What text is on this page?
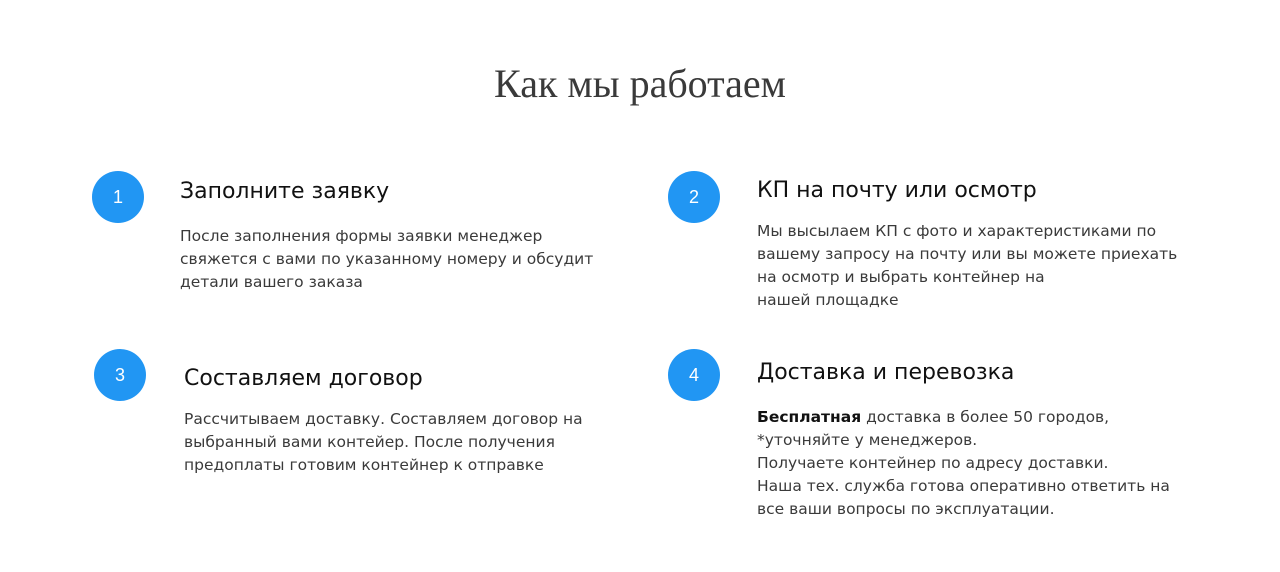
Как мы работаем
1	Заполните заявку

После заполнения формы заявки менеджер
свяжется с вами по указанному номеру и обсудит
детали вашего заказа

2	КП на почту или осмотр

Мы высылаем КП с фото и характеристиками по
вашему запросу на почту или вы можете приехать
на осмотр и выбрать контейнер на
нашей площадке

3	Составляем договор

Рассчитываем доставку. Составляем договор на
выбранный вами контейер. После получения
предоплаты готовим контейнер к отправке

4	Доставка и перевозка

Бесплатная доставка в более 50 городов,
*уточняйте у менеджеров.
Получаете контейнер по адресу доставки.
Наша тех. служба готова оперативно ответить на
все ваши вопросы по эксплуатации.
